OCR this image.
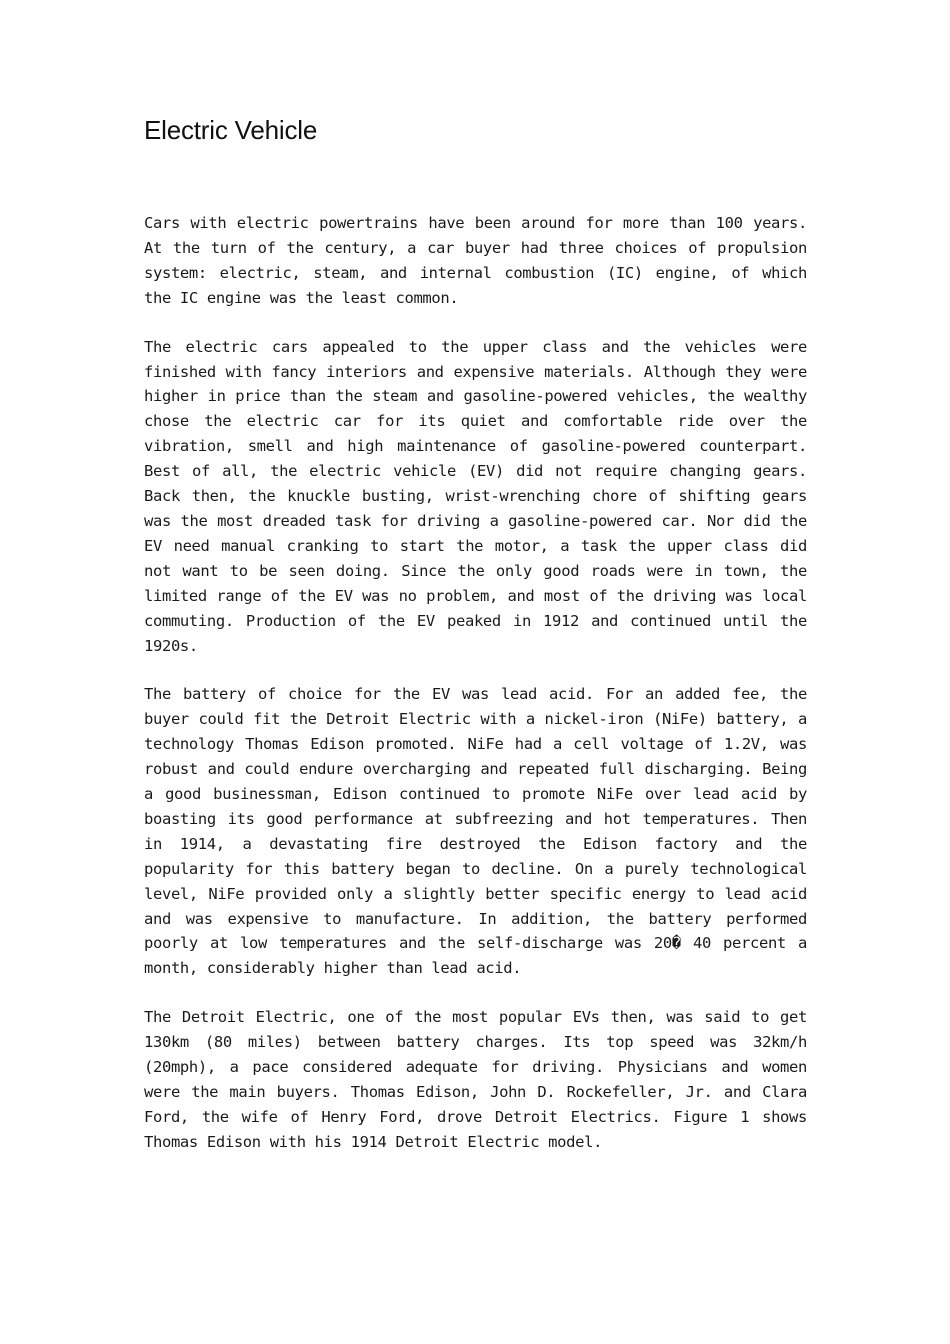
Electric Vehicle

Cars with electric powertrains have been around for more than 100 years. At the turn of the century, a car buyer had three choices of propulsion system: electric, steam, and internal combustion (IC) engine, of which the IC engine was the least common.

The electric cars appealed to the upper class and the vehicles were finished with fancy interiors and expensive materials. Although they were higher in price than the steam and gasoline-powered vehicles, the wealthy chose the electric car for its quiet and comfortable ride over the vibration, smell and high maintenance of gasoline-powered counterpart. Best of all, the electric vehicle (EV) did not require changing gears. Back then, the knuckle busting, wrist-wrenching chore of shifting gears was the most dreaded task for driving a gasoline-powered car. Nor did the EV need manual cranking to start the motor, a task the upper class did not want to be seen doing. Since the only good roads were in town, the limited range of the EV was no problem, and most of the driving was local commuting. Production of the EV peaked in 1912 and continued until the 1920s.

The battery of choice for the EV was lead acid. For an added fee, the buyer could fit the Detroit Electric with a nickel-iron (NiFe) battery, a technology Thomas Edison promoted. NiFe had a cell voltage of 1.2V, was robust and could endure overcharging and repeated full discharging. Being a good businessman, Edison continued to promote NiFe over lead acid by boasting its good performance at subfreezing and hot temperatures. Then in 1914, a devastating fire destroyed the Edison factory and the popularity for this battery began to decline. On a purely technological level, NiFe provided only a slightly better specific energy to lead acid and was expensive to manufacture. In addition, the battery performed poorly at low temperatures and the self-discharge was 20� 40 percent a month, considerably higher than lead acid.

The Detroit Electric, one of the most popular EVs then, was said to get 130km (80 miles) between battery charges. Its top speed was 32km/h (20mph), a pace considered adequate for driving. Physicians and women were the main buyers. Thomas Edison, John D. Rockefeller, Jr. and Clara Ford, the wife of Henry Ford, drove Detroit Electrics. Figure 1 shows Thomas Edison with his 1914 Detroit Electric model.
